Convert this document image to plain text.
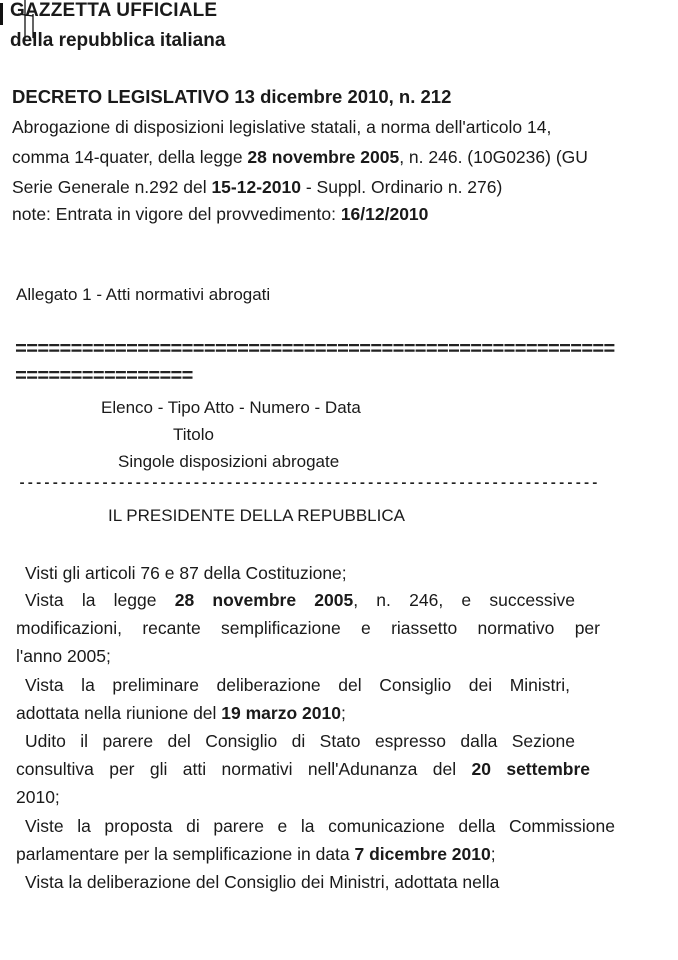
GAZZETTA UFFICIALE
della repubblica italiana
DECRETO LEGISLATIVO 13 dicembre 2010, n. 212
Abrogazione di disposizioni legislative statali, a norma dell'articolo 14,
comma 14-quater, della legge 28 novembre 2005, n. 246. (10G0236) (GU
Serie Generale n.292 del 15-12-2010 - Suppl. Ordinario n. 276)
note: Entrata in vigore del provvedimento: 16/12/2010
Allegato 1 - Atti normativi abrogati
======================================================
================
Elenco - Tipo Atto - Numero - Data
Titolo
Singole disposizioni abrogate
----------------------------------------------------------------------
IL PRESIDENTE DELLA REPUBBLICA
Visti gli articoli 76 e 87 della Costituzione;
Vista la legge 28 novembre 2005, n. 246, e successive
modificazioni, recante semplificazione e riassetto normativo per
l'anno 2005;
Vista la preliminare deliberazione del Consiglio dei Ministri,
adottata nella riunione del 19 marzo 2010;
Udito il parere del Consiglio di Stato espresso dalla Sezione
consultiva per gli atti normativi nell'Adunanza del 20 settembre
2010;
Viste la proposta di parere e la comunicazione della Commissione
parlamentare per la semplificazione in data 7 dicembre 2010;
Vista la deliberazione del Consiglio dei Ministri, adottata nella
